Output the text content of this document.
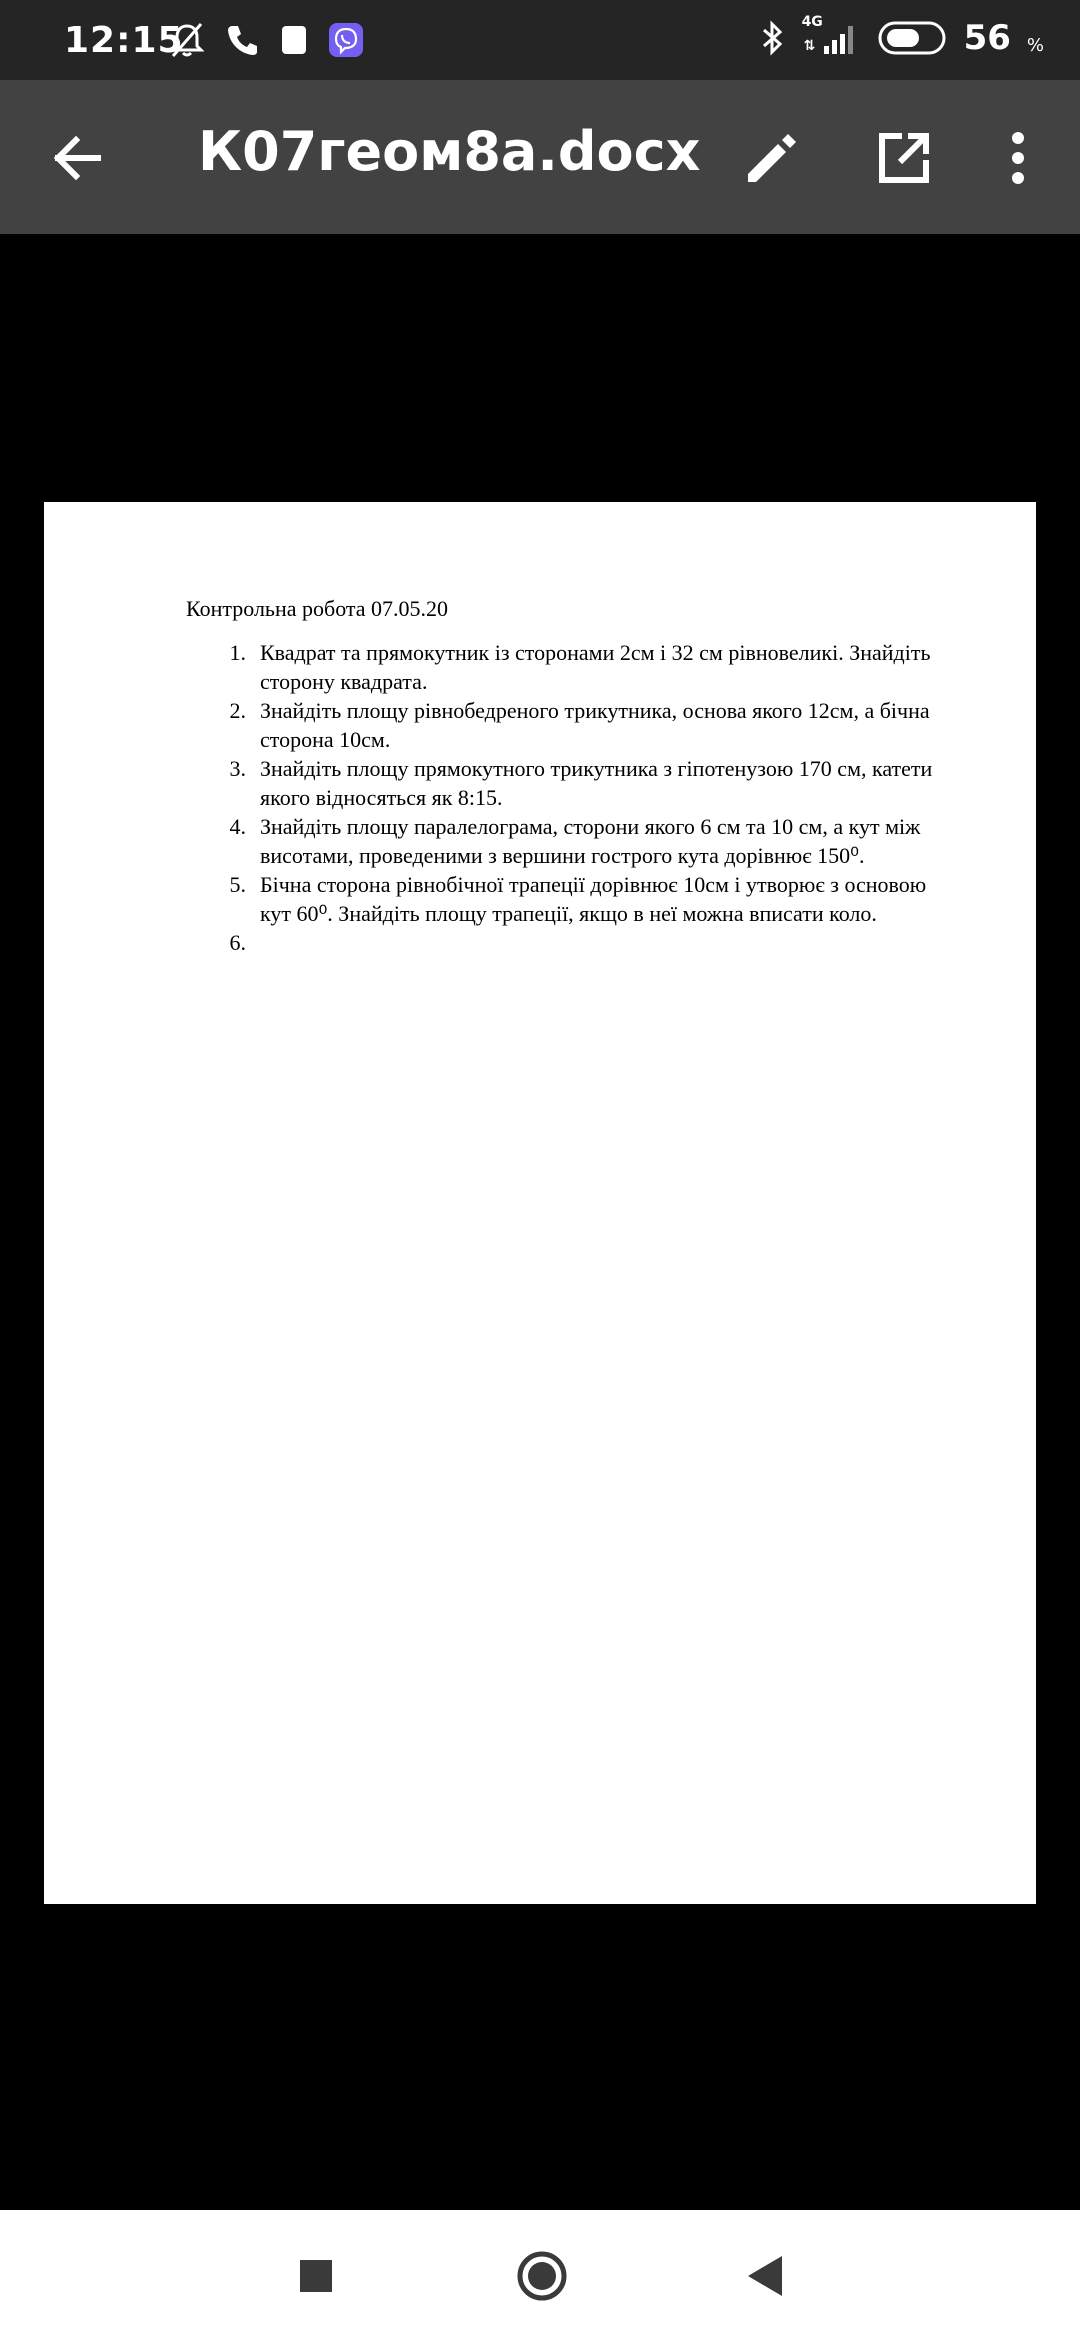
12:15	4G
⇅	56 %
К07геом8а.docx
Контрольна робота 07.05.20
1. Квадрат та прямокутник із сторонами 2см і 32 см рівновеликі. Знайдіть
сторону квадрата.
2. Знайдіть площу рівнобедреного трикутника, основа якого 12см, а бічна
сторона 10см.
3. Знайдіть площу прямокутного трикутника з гіпотенузою 170 см, катети
якого відносяться як 8:15.
4. Знайдіть площу паралелограма, сторони якого 6 см та 10 см, а кут між
висотами, проведеними з вершини гострого кута дорівнює 150⁰.
5. Бічна сторона рівнобічної трапеції дорівнює 10см і утворює з основою
кут 60⁰. Знайдіть площу трапеції, якщо в неї можна вписати коло.
6.
